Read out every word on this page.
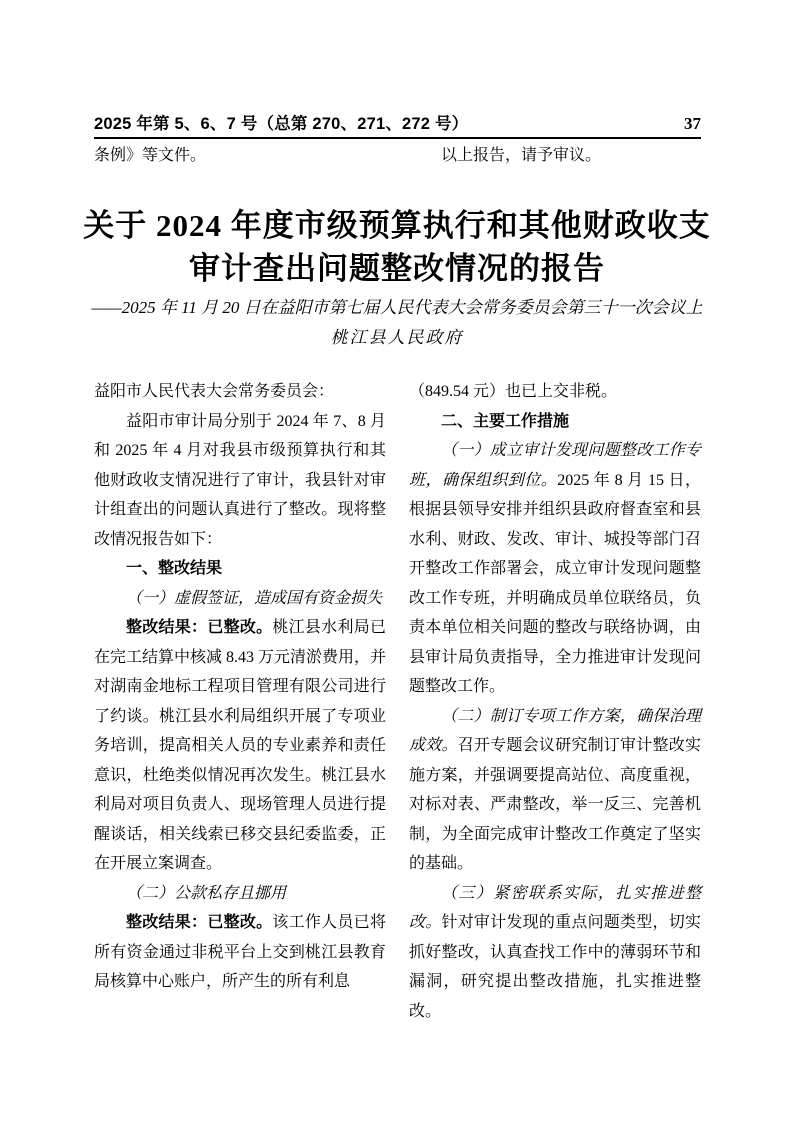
2025 年第 5、6、7 号（总第 270、271、272 号）	37
条例》等文件。	以上报告，请予审议。
关于 2024 年度市级预算执行和其他财政收支
审计查出问题整改情况的报告
——2025 年 11 月 20 日在益阳市第七届人民代表大会常务委员会第三十一次会议上
桃江县人民政府

益阳市人民代表大会常务委员会：

益阳市审计局分别于 2024 年 7、8 月和 2025 年 4 月对我县市级预算执行和其他财政收支情况进行了审计，我县针对审计组查出的问题认真进行了整改。现将整改情况报告如下：

一、整改结果

（一）虚假签证，造成国有资金损失

整改结果：已整改。桃江县水利局已在完工结算中核减 8.43 万元清淤费用，并对湖南金地标工程项目管理有限公司进行了约谈。桃江县水利局组织开展了专项业务培训，提高相关人员的专业素养和责任意识，杜绝类似情况再次发生。桃江县水利局对项目负责人、现场管理人员进行提醒谈话，相关线索已移交县纪委监委，正在开展立案调查。

（二）公款私存且挪用

整改结果：已整改。该工作人员已将所有资金通过非税平台上交到桃江县教育局核算中心账户，所产生的所有利息

（849.54 元）也已上交非税。

二、主要工作措施

（一）成立审计发现问题整改工作专班，确保组织到位。2025 年 8 月 15 日，根据县领导安排并组织县政府督查室和县水利、财政、发改、审计、城投等部门召开整改工作部署会，成立审计发现问题整改工作专班，并明确成员单位联络员，负责本单位相关问题的整改与联络协调，由县审计局负责指导，全力推进审计发现问题整改工作。

（二）制订专项工作方案，确保治理成效。召开专题会议研究制订审计整改实施方案，并强调要提高站位、高度重视，对标对表、严肃整改，举一反三、完善机制，为全面完成审计整改工作奠定了坚实的基础。

（三）紧密联系实际，扎实推进整改。针对审计发现的重点问题类型，切实抓好整改，认真查找工作中的薄弱环节和漏洞，研究提出整改措施，扎实推进整改。
